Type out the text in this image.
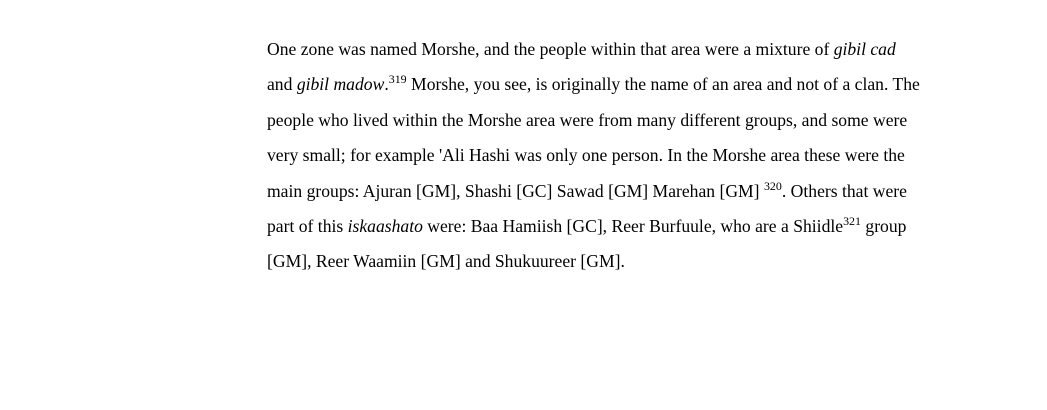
One zone was named Morshe, and the people within that area were a mixture of gibil cad and gibil madow.$^{319}$ Morshe, you see, is originally the name of an area and not of a clan. The people who lived within the Morshe area were from many different groups, and some were very small; for example 'Ali Hashi was only one person. In the Morshe area these were the main groups: Ajuran [GM], Shashi [GC] Sawad [GM] Marehan [GM] $^{320}$. Others that were part of this iskaashato were: Baa Hamiish [GC], Reer Burfuule, who are a Shiidle$^{321}$ group [GM], Reer Waamiin [GM] and Shukuureer [GM].
